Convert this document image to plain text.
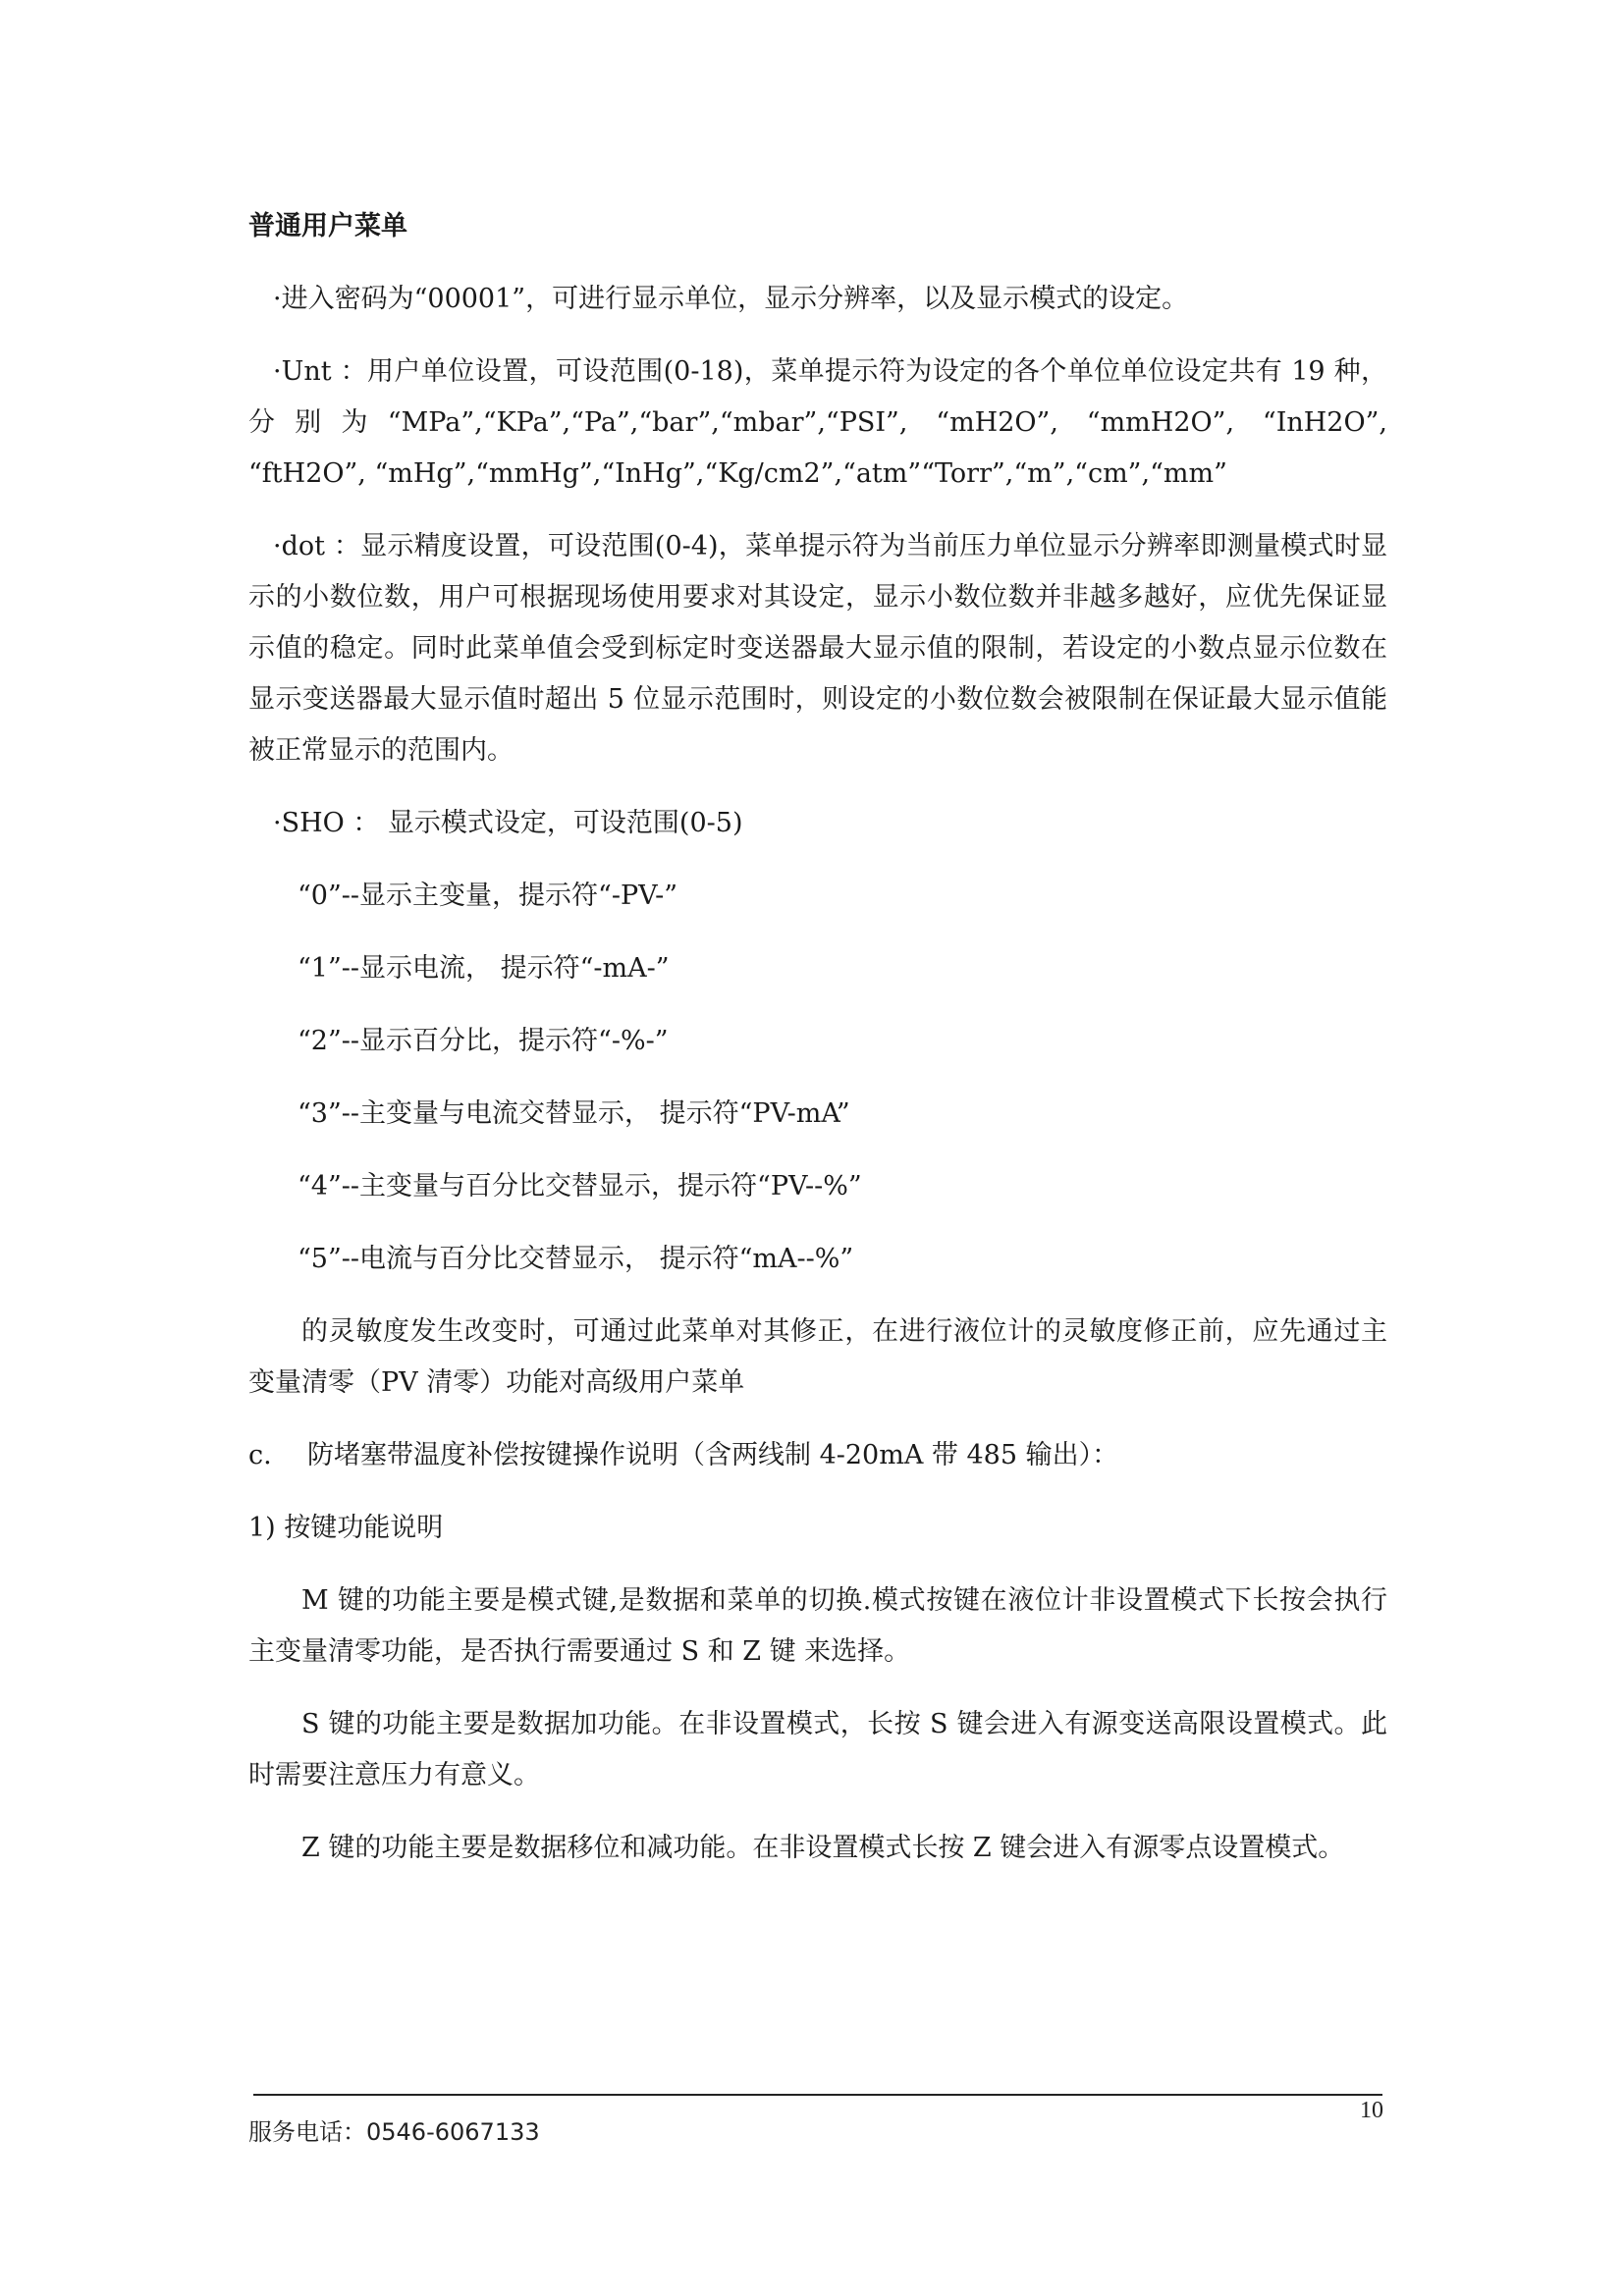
普通用户菜单

·进入密码为“00001”，可进行显示单位，显示分辨率，以及显示模式的设定。

·Unt ：用户单位设置，可设范围(0-18)，菜单提示符为设定的各个单位单位设定共有 19 种，分别为“MPa”,“KPa”,“Pa”,“bar”,“mbar”,“PSI”, “mH2O”, “mmH2O”, “InH2O”, “ftH2O”, “mHg”,“mmHg”,“InHg”,“Kg/cm2”,“atm”“Torr”,“m”,“cm”,“mm”

·dot ：显示精度设置，可设范围(0-4)，菜单提示符为当前压力单位显示分辨率即测量模式时显示的小数位数，用户可根据现场使用要求对其设定，显示小数位数并非越多越好，应优先保证显示值的稳定。同时此菜单值会受到标定时变送器最大显示值的限制，若设定的小数点显示位数在显示变送器最大显示值时超出 5 位显示范围时，则设定的小数位数会被限制在保证最大显示值能被正常显示的范围内。

·SHO ： 显示模式设定，可设范围(0-5)

“0”--显示主变量，提示符“-PV-”

“1”--显示电流， 提示符“-mA-”

“2”--显示百分比，提示符“-%-”

“3”--主变量与电流交替显示， 提示符“PV-mA”

“4”--主变量与百分比交替显示，提示符“PV--%”

“5”--电流与百分比交替显示， 提示符“mA--%”

的灵敏度发生改变时，可通过此菜单对其修正，在进行液位计的灵敏度修正前，应先通过主变量清零（PV 清零）功能对高级用户菜单

c.	防堵塞带温度补偿按键操作说明（含两线制 4-20mA 带 485 输出）：

1) 按键功能说明

M 键的功能主要是模式键,是数据和菜单的切换.模式按键在液位计非设置模式下长按会执行主变量清零功能，是否执行需要通过 S 和 Z 键 来选择。

S 键的功能主要是数据加功能。在非设置模式，长按 S 键会进入有源变送高限设置模式。此时需要注意压力有意义。

Z 键的功能主要是数据移位和减功能。在非设置模式长按 Z 键会进入有源零点设置模式。

服务电话：0546-6067133
10
